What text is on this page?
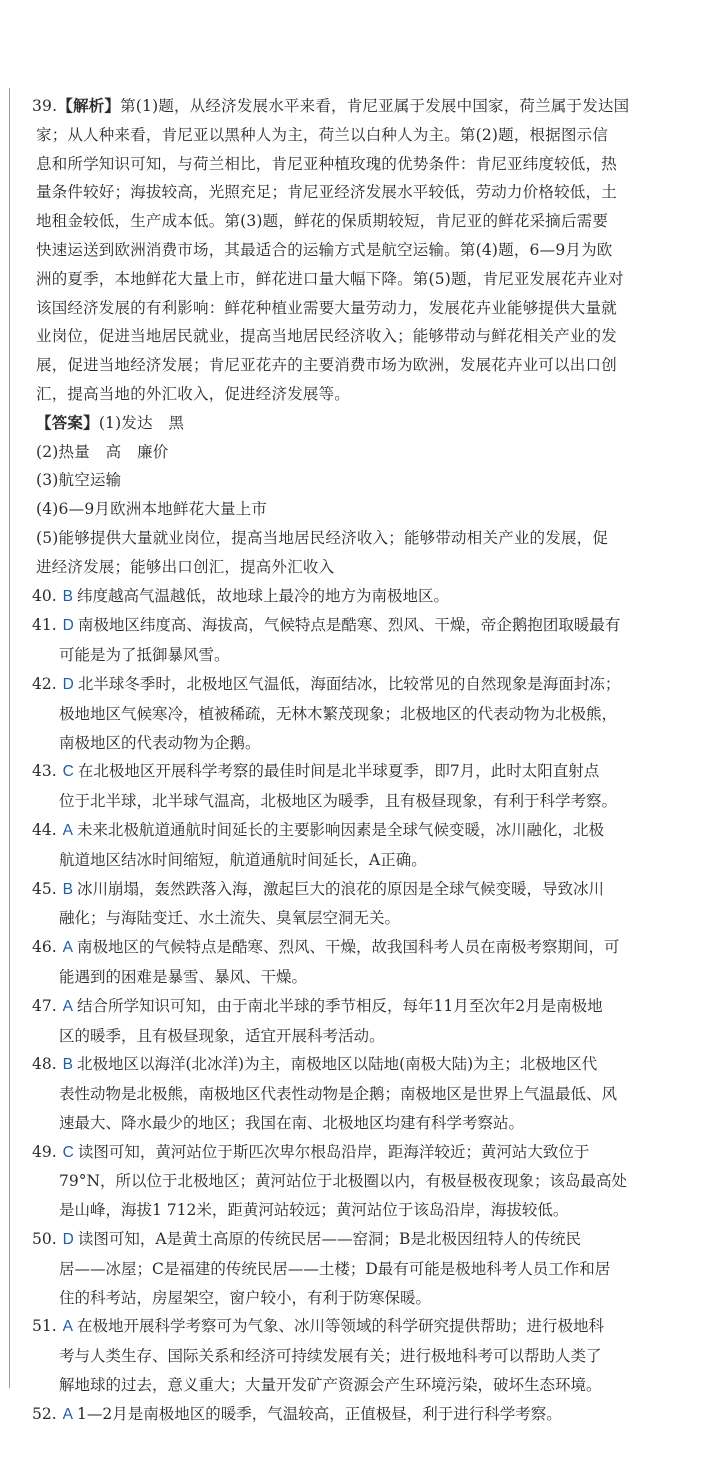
39.【解析】第(1)题，从经济发展水平来看，肯尼亚属于发展中国家，荷兰属于发达国
家；从人种来看，肯尼亚以黑种人为主，荷兰以白种人为主。第(2)题，根据图示信
息和所学知识可知，与荷兰相比，肯尼亚种植玫瑰的优势条件：肯尼亚纬度较低，热
量条件较好；海拔较高，光照充足；肯尼亚经济发展水平较低，劳动力价格较低，土
地租金较低，生产成本低。第(3)题，鲜花的保质期较短，肯尼亚的鲜花采摘后需要
快速运送到欧洲消费市场，其最适合的运输方式是航空运输。第(4)题，6—9月为欧
洲的夏季，本地鲜花大量上市，鲜花进口量大幅下降。第(5)题，肯尼亚发展花卉业对
该国经济发展的有利影响：鲜花种植业需要大量劳动力，发展花卉业能够提供大量就
业岗位，促进当地居民就业，提高当地居民经济收入；能够带动与鲜花相关产业的发
展，促进当地经济发展；肯尼亚花卉的主要消费市场为欧洲，发展花卉业可以出口创
汇，提高当地的外汇收入，促进经济发展等。
【答案】(1)发达　黑
(2)热量　高　廉价
(3)航空运输
(4)6—9月欧洲本地鲜花大量上市
(5)能够提供大量就业岗位，提高当地居民经济收入；能够带动相关产业的发展，促
进经济发展；能够出口创汇，提高外汇收入
40. B 纬度越高气温越低，故地球上最冷的地方为南极地区。
41. D 南极地区纬度高、海拔高，气候特点是酷寒、烈风、干燥，帝企鹅抱团取暖最有
可能是为了抵御暴风雪。
42. D 北半球冬季时，北极地区气温低，海面结冰，比较常见的自然现象是海面封冻；
极地地区气候寒冷，植被稀疏，无林木繁茂现象；北极地区的代表动物为北极熊，
南极地区的代表动物为企鹅。
43. C 在北极地区开展科学考察的最佳时间是北半球夏季，即7月，此时太阳直射点
位于北半球，北半球气温高，北极地区为暖季，且有极昼现象，有利于科学考察。
44. A 未来北极航道通航时间延长的主要影响因素是全球气候变暖，冰川融化，北极
航道地区结冰时间缩短，航道通航时间延长，A正确。
45. B 冰川崩塌，轰然跌落入海，激起巨大的浪花的原因是全球气候变暖，导致冰川
融化；与海陆变迁、水土流失、臭氧层空洞无关。
46. A 南极地区的气候特点是酷寒、烈风、干燥，故我国科考人员在南极考察期间，可
能遇到的困难是暴雪、暴风、干燥。
47. A 结合所学知识可知，由于南北半球的季节相反，每年11月至次年2月是南极地
区的暖季，且有极昼现象，适宜开展科考活动。
48. B 北极地区以海洋(北冰洋)为主，南极地区以陆地(南极大陆)为主；北极地区代
表性动物是北极熊，南极地区代表性动物是企鹅；南极地区是世界上气温最低、风
速最大、降水最少的地区；我国在南、北极地区均建有科学考察站。
49. C 读图可知，黄河站位于斯匹次卑尔根岛沿岸，距海洋较近；黄河站大致位于
79°N，所以位于北极地区；黄河站位于北极圈以内，有极昼极夜现象；该岛最高处
是山峰，海拔1 712米，距黄河站较远；黄河站位于该岛沿岸，海拔较低。
50. D 读图可知，A是黄土高原的传统民居——窑洞；B是北极因纽特人的传统民
居——冰屋；C是福建的传统民居——土楼；D最有可能是极地科考人员工作和居
住的科考站，房屋架空，窗户较小，有利于防寒保暖。
51. A 在极地开展科学考察可为气象、冰川等领域的科学研究提供帮助；进行极地科
考与人类生存、国际关系和经济可持续发展有关；进行极地科考可以帮助人类了
解地球的过去，意义重大；大量开发矿产资源会产生环境污染，破坏生态环境。
52. A 1—2月是南极地区的暖季，气温较高，正值极昼，利于进行科学考察。
